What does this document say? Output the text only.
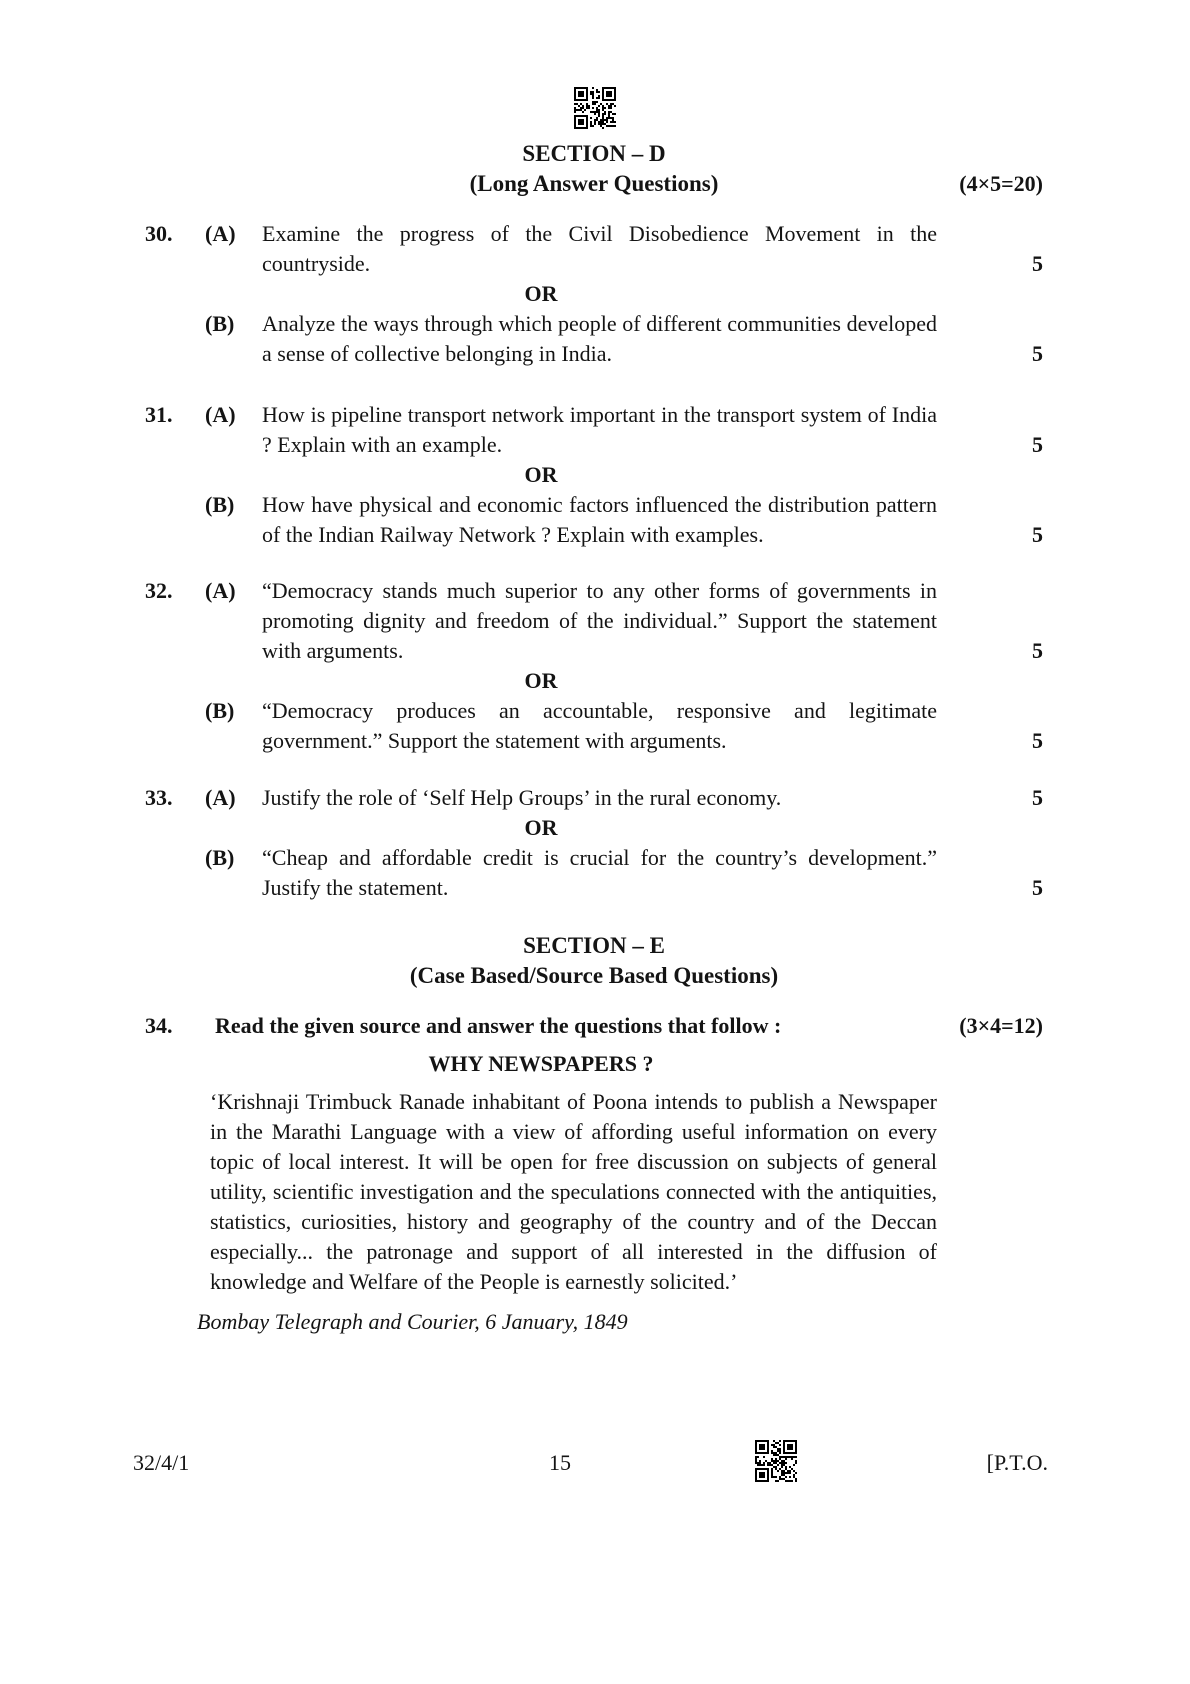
SECTION – D
(Long Answer Questions)	(4×5=20)
30.	(A)	Examine the progress of the Civil Disobedience Movement in the countryside.	5
OR
(B)	Analyze the ways through which people of different communities developed a sense of collective belonging in India.	5
31.	(A)	How is pipeline transport network important in the transport system of India ? Explain with an example.	5
OR
(B)	How have physical and economic factors influenced the distribution pattern of the Indian Railway Network ? Explain with examples.	5
32.	(A)	“Democracy stands much superior to any other forms of governments in promoting dignity and freedom of the individual.” Support the statement with arguments.	5
OR
(B)	“Democracy produces an accountable, responsive and legitimate government.” Support the statement with arguments.	5
33.	(A)	Justify the role of ‘Self Help Groups’ in the rural economy.	5
OR
(B)	“Cheap and affordable credit is crucial for the country’s development.” Justify the statement.	5
SECTION – E
(Case Based/Source Based Questions)
34.	Read the given source and answer the questions that follow :	(3×4=12)
WHY NEWSPAPERS ?
‘Krishnaji Trimbuck Ranade inhabitant of Poona intends to publish a Newspaper in the Marathi Language with a view of affording useful information on every topic of local interest. It will be open for free discussion on subjects of general utility, scientific investigation and the speculations connected with the antiquities, statistics, curiosities, history and geography of the country and of the Deccan especially... the patronage and support of all interested in the diffusion of knowledge and Welfare of the People is earnestly solicited.’
Bombay Telegraph and Courier, 6 January, 1849
32/4/1	15	[P.T.O.
